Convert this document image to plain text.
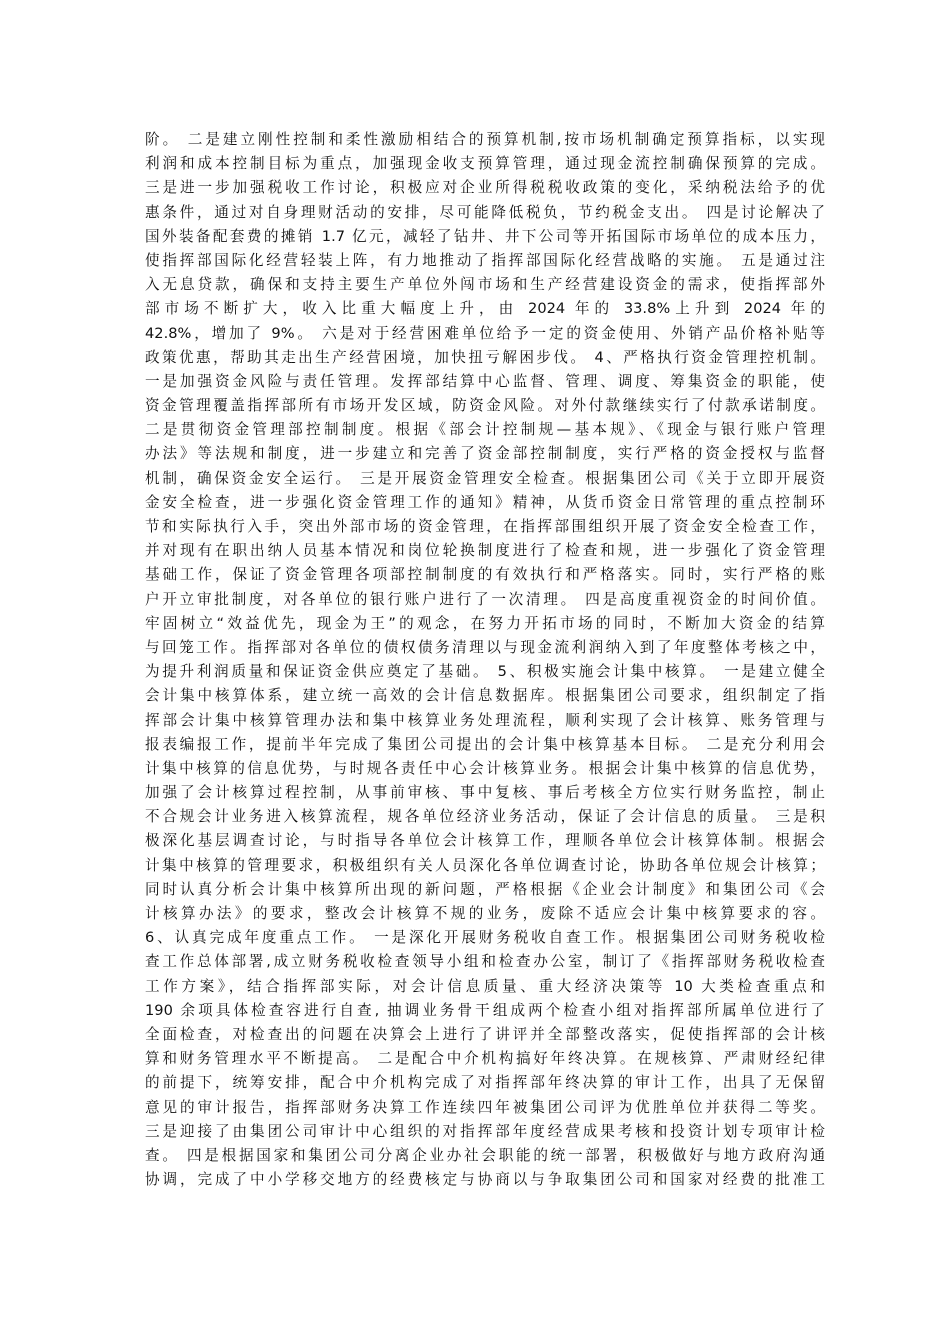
阶。 二是建立刚性控制和柔性激励相结合的预算机制,按市场机制确定预算指标，以实现
利润和成本控制目标为重点，加强现金收支预算管理，通过现金流控制确保预算的完成。
三是进一步加强税收工作讨论，积极应对企业所得税税收政策的变化，采纳税法给予的优
惠条件，通过对自身理财活动的安排，尽可能降低税负，节约税金支出。 四是讨论解决了
国外装备配套费的摊销 1.7 亿元，减轻了钻井、井下公司等开拓国际市场单位的成本压力，
使指挥部国际化经营轻装上阵，有力地推动了指挥部国际化经营战略的实施。 五是通过注
入无息贷款，确保和支持主要生产单位外闯市场和生产经营建设资金的需求，使指挥部外
部市场不断扩大，收入比重大幅度上升，由 2024 年的 33.8%上升到 2024 年的
42.8%，增加了 9%。 六是对于经营困难单位给予一定的资金使用、外销产品价格补贴等
政策优惠，帮助其走出生产经营困境，加快扭亏解困步伐。 4、严格执行资金管理控机制。
一是加强资金风险与责任管理。发挥部结算中心监督、管理、调度、筹集资金的职能，使
资金管理覆盖指挥部所有市场开发区域，防资金风险。对外付款继续实行了付款承诺制度。
二是贯彻资金管理部控制制度。根据《部会计控制规—基本规》、《现金与银行账户管理
办法》等法规和制度，进一步建立和完善了资金部控制制度，实行严格的资金授权与监督
机制，确保资金安全运行。 三是开展资金管理安全检查。根据集团公司《关于立即开展资
金安全检查，进一步强化资金管理工作的通知》精神，从货币资金日常管理的重点控制环
节和实际执行入手，突出外部市场的资金管理，在指挥部围组织开展了资金安全检查工作，
并对现有在职出纳人员基本情况和岗位轮换制度进行了检查和规，进一步强化了资金管理
基础工作，保证了资金管理各项部控制制度的有效执行和严格落实。同时，实行严格的账
户开立审批制度，对各单位的银行账户进行了一次清理。 四是高度重视资金的时间价值。
牢固树立“效益优先，现金为王”的观念，在努力开拓市场的同时，不断加大资金的结算
与回笼工作。指挥部对各单位的债权债务清理以与现金流利润纳入到了年度整体考核之中，
为提升利润质量和保证资金供应奠定了基础。 5、积极实施会计集中核算。 一是建立健全
会计集中核算体系，建立统一高效的会计信息数据库。根据集团公司要求，组织制定了指
挥部会计集中核算管理办法和集中核算业务处理流程，顺利实现了会计核算、账务管理与
报表编报工作，提前半年完成了集团公司提出的会计集中核算基本目标。 二是充分利用会
计集中核算的信息优势，与时规各责任中心会计核算业务。根据会计集中核算的信息优势，
加强了会计核算过程控制，从事前审核、事中复核、事后考核全方位实行财务监控，制止
不合规会计业务进入核算流程，规各单位经济业务活动，保证了会计信息的质量。 三是积
极深化基层调查讨论，与时指导各单位会计核算工作，理顺各单位会计核算体制。根据会
计集中核算的管理要求，积极组织有关人员深化各单位调查讨论，协助各单位规会计核算；
同时认真分析会计集中核算所出现的新问题，严格根据《企业会计制度》和集团公司《会
计核算办法》的要求，整改会计核算不规的业务，废除不适应会计集中核算要求的容。
6、认真完成年度重点工作。 一是深化开展财务税收自查工作。根据集团公司财务税收检
查工作总体部署,成立财务税收检查领导小组和检查办公室，制订了《指挥部财务税收检查
工作方案》，结合指挥部实际，对会计信息质量、重大经济决策等 10 大类检查重点和
190 余项具体检查容进行自查, 抽调业务骨干组成两个检查小组对指挥部所属单位进行了
全面检查，对检查出的问题在决算会上进行了讲评并全部整改落实，促使指挥部的会计核
算和财务管理水平不断提高。 二是配合中介机构搞好年终决算。在规核算、严肃财经纪律
的前提下，统筹安排，配合中介机构完成了对指挥部年终决算的审计工作，出具了无保留
意见的审计报告，指挥部财务决算工作连续四年被集团公司评为优胜单位并获得二等奖。
三是迎接了由集团公司审计中心组织的对指挥部年度经营成果考核和投资计划专项审计检
查。 四是根据国家和集团公司分离企业办社会职能的统一部署，积极做好与地方政府沟通
协调，完成了中小学移交地方的经费核定与协商以与争取集团公司和国家对经费的批准工
